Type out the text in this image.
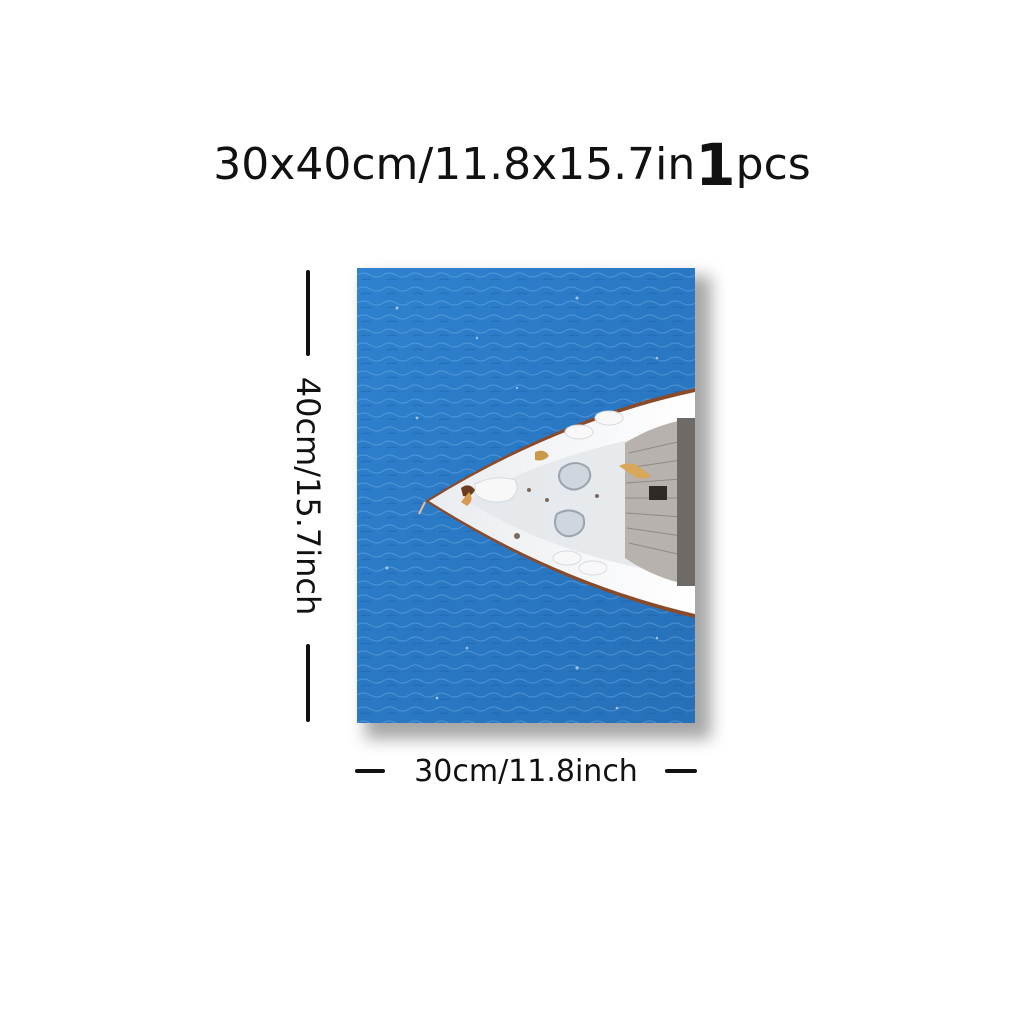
30x40cm/11.8x15.7in1pcs
40cm/15.7inch
30cm/11.8inch
